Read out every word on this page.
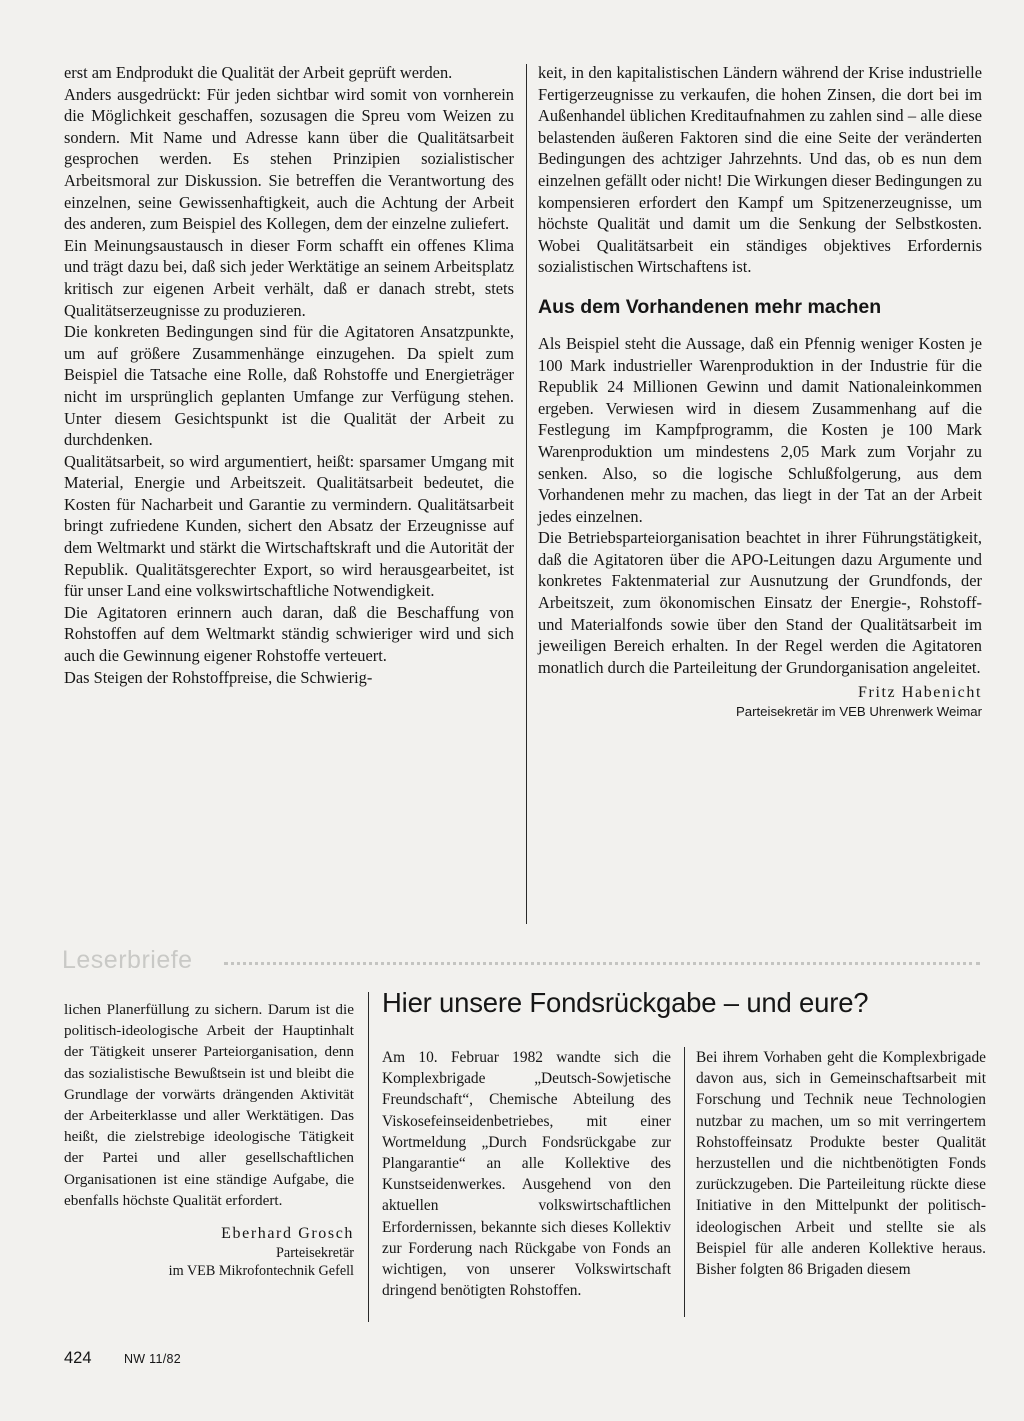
erst am Endprodukt die Qualität der Arbeit geprüft werden.

Anders ausgedrückt: Für jeden sichtbar wird somit von vornherein die Möglichkeit geschaffen, sozusagen die Spreu vom Weizen zu sondern. Mit Name und Adresse kann über die Qualitätsarbeit gesprochen werden. Es stehen Prinzipien sozialistischer Arbeitsmoral zur Diskussion. Sie betreffen die Verantwortung des einzelnen, seine Gewissenhaftigkeit, auch die Achtung der Arbeit des anderen, zum Beispiel des Kollegen, dem der einzelne zuliefert.

Ein Meinungsaustausch in dieser Form schafft ein offenes Klima und trägt dazu bei, daß sich jeder Werktätige an seinem Arbeitsplatz kritisch zur eigenen Arbeit verhält, daß er danach strebt, stets Qualitätserzeugnisse zu produzieren.

Die konkreten Bedingungen sind für die Agitatoren Ansatzpunkte, um auf größere Zusammenhänge einzugehen. Da spielt zum Beispiel die Tatsache eine Rolle, daß Rohstoffe und Energieträger nicht im ursprünglich geplanten Umfange zur Verfügung stehen. Unter diesem Gesichtspunkt ist die Qualität der Arbeit zu durchdenken.

Qualitätsarbeit, so wird argumentiert, heißt: sparsamer Umgang mit Material, Energie und Arbeitszeit. Qualitätsarbeit bedeutet, die Kosten für Nacharbeit und Garantie zu vermindern. Qualitätsarbeit bringt zufriedene Kunden, sichert den Absatz der Erzeugnisse auf dem Weltmarkt und stärkt die Wirtschaftskraft und die Autorität der Republik. Qualitätsgerechter Export, so wird herausgearbeitet, ist für unser Land eine volkswirtschaftliche Notwendigkeit.

Die Agitatoren erinnern auch daran, daß die Beschaffung von Rohstoffen auf dem Weltmarkt ständig schwieriger wird und sich auch die Gewinnung eigener Rohstoffe verteuert.

Das Steigen der Rohstoffpreise, die Schwierig-

keit, in den kapitalistischen Ländern während der Krise industrielle Fertigerzeugnisse zu verkaufen, die hohen Zinsen, die dort bei im Außenhandel üblichen Kreditaufnahmen zu zahlen sind – alle diese belastenden äußeren Faktoren sind die eine Seite der veränderten Bedingungen des achtziger Jahrzehnts. Und das, ob es nun dem einzelnen gefällt oder nicht! Die Wirkungen dieser Bedingungen zu kompensieren erfordert den Kampf um Spitzenerzeugnisse, um höchste Qualität und damit um die Senkung der Selbstkosten. Wobei Qualitätsarbeit ein ständiges objektives Erfordernis sozialistischen Wirtschaftens ist.

Aus dem Vorhandenen mehr machen

Als Beispiel steht die Aussage, daß ein Pfennig weniger Kosten je 100 Mark industrieller Warenproduktion in der Industrie für die Republik 24 Millionen Gewinn und damit Nationaleinkommen ergeben. Verwiesen wird in diesem Zusammenhang auf die Festlegung im Kampfprogramm, die Kosten je 100 Mark Warenproduktion um mindestens 2,05 Mark zum Vorjahr zu senken. Also, so die logische Schlußfolgerung, aus dem Vorhandenen mehr zu machen, das liegt in der Tat an der Arbeit jedes einzelnen.

Die Betriebsparteiorganisation beachtet in ihrer Führungstätigkeit, daß die Agitatoren über die APO-Leitungen dazu Argumente und konkretes Faktenmaterial zur Ausnutzung der Grundfonds, der Arbeitszeit, zum ökonomischen Einsatz der Energie-, Rohstoff- und Materialfonds sowie über den Stand der Qualitätsarbeit im jeweiligen Bereich erhalten. In der Regel werden die Agitatoren monatlich durch die Parteileitung der Grundorganisation angeleitet.

Fritz Habenicht
Parteisekretär im VEB Uhrenwerk Weimar
Leserbriefe

lichen Planerfüllung zu sichern. Darum ist die politisch-ideologische Arbeit der Hauptinhalt der Tätigkeit unserer Parteiorganisation, denn das sozialistische Bewußtsein ist und bleibt die Grundlage der vorwärts drängenden Aktivität der Arbeiterklasse und aller Werktätigen. Das heißt, die zielstrebige ideologische Tätigkeit der Partei und aller gesellschaftlichen Organisationen ist eine ständige Aufgabe, die ebenfalls höchste Qualität erfordert.

Eberhard Grosch
Parteisekretär
im VEB Mikrofontechnik Gefell
Hier unsere Fondsrückgabe – und eure?

Am 10. Februar 1982 wandte sich die Komplexbrigade „Deutsch-Sowjetische Freundschaft“, Chemische Abteilung des Viskosefeinseidenbetriebes, mit einer Wortmeldung „Durch Fondsrückgabe zur Plangarantie“ an alle Kollektive des Kunstseidenwerkes. Ausgehend von den aktuellen volkswirtschaftlichen Erfordernissen, bekannte sich dieses Kollektiv zur Forderung nach Rückgabe von Fonds an wichtigen, von unserer Volkswirtschaft dringend benötigten Rohstoffen.

Bei ihrem Vorhaben geht die Komplexbrigade davon aus, sich in Gemeinschaftsarbeit mit Forschung und Technik neue Technologien nutzbar zu machen, um so mit verringertem Rohstoffeinsatz Produkte bester Qualität herzustellen und die nichtbenötigten Fonds zurückzugeben. Die Parteileitung rückte diese Initiative in den Mittelpunkt der politisch-ideologischen Arbeit und stellte sie als Beispiel für alle anderen Kollektive heraus. Bisher folgten 86 Brigaden diesem

424	NW 11/82
